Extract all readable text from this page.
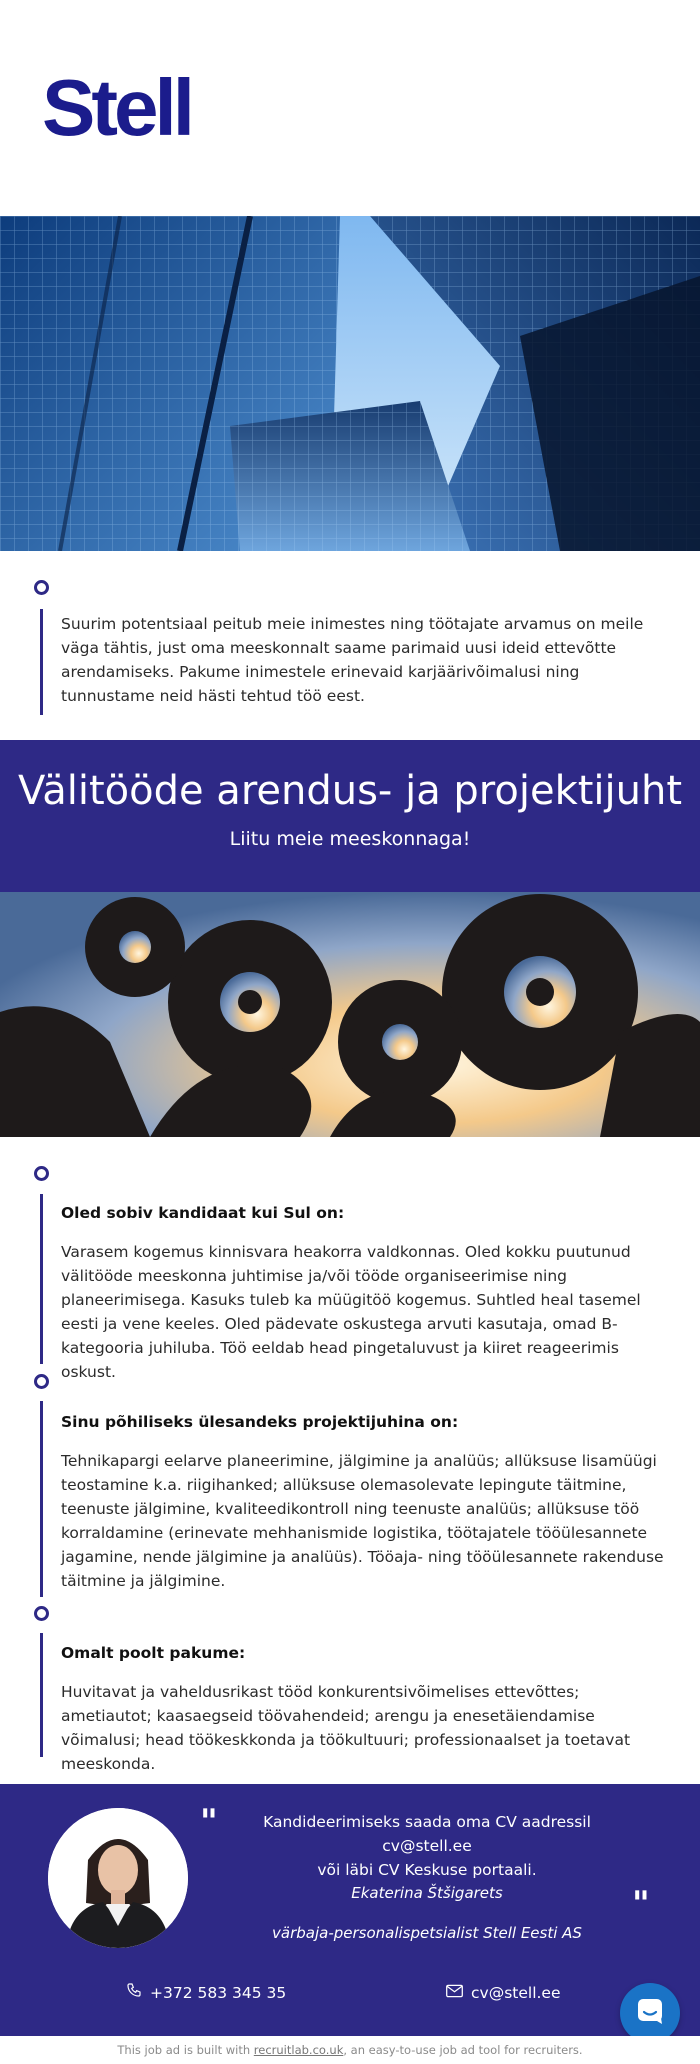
Stell
Suurim potentsiaal peitub meie inimestes ning töötajate arvamus on meile väga tähtis, just oma meeskonnalt saame parimaid uusi ideid ettevõtte arendamiseks. Pakume inimestele erinevaid karjäärivõimalusi ning tunnustame neid hästi tehtud töö eest.
Välitööde arendus- ja projektijuht
Liitu meie meeskonnaga!
Oled sobiv kandidaat kui Sul on:
Varasem kogemus kinnisvara heakorra valdkonnas. Oled kokku puutunud välitööde meeskonna juhtimise ja/või tööde organiseerimise ning planeerimisega. Kasuks tuleb ka müügitöö kogemus. Suhtled heal tasemel eesti ja vene keeles. Oled pädevate oskustega arvuti kasutaja, omad B-kategooria juhiluba. Töö eeldab head pingetaluvust ja kiiret reageerimis oskust.
Sinu põhiliseks ülesandeks projektijuhina on:
Tehnikapargi eelarve planeerimine, jälgimine ja analüüs; allüksuse lisamüügi teostamine k.a. riigihanked; allüksuse olemasolevate lepingute täitmine, teenuste jälgimine, kvaliteedikontroll ning teenuste analüüs; allüksuse töö korraldamine (erinevate mehhanismide logistika, töötajatele tööülesannete jagamine, nende jälgimine ja analüüs). Tööaja- ning tööülesannete rakenduse täitmine ja jälgimine.
Omalt poolt pakume:
Huvitavat ja vaheldusrikast tööd konkurentsivõimelises ettevõttes; ametiautot; kaasaegseid töövahendeid; arengu ja enesetäiendamise võimalusi; head töökeskkonda ja töökultuuri; professionaalset ja toetavat meeskonda.
"	Kandideerimiseks saada oma CV aadressil cv@stell.ee
või läbi CV Keskuse portaali.
Ekaterina Štšigarets
värbaja-personalispetsialist Stell Eesti AS
"
+372 583 345 35	cv@stell.ee
This job ad is built with recruitlab.co.uk, an easy-to-use job ad tool for recruiters.
